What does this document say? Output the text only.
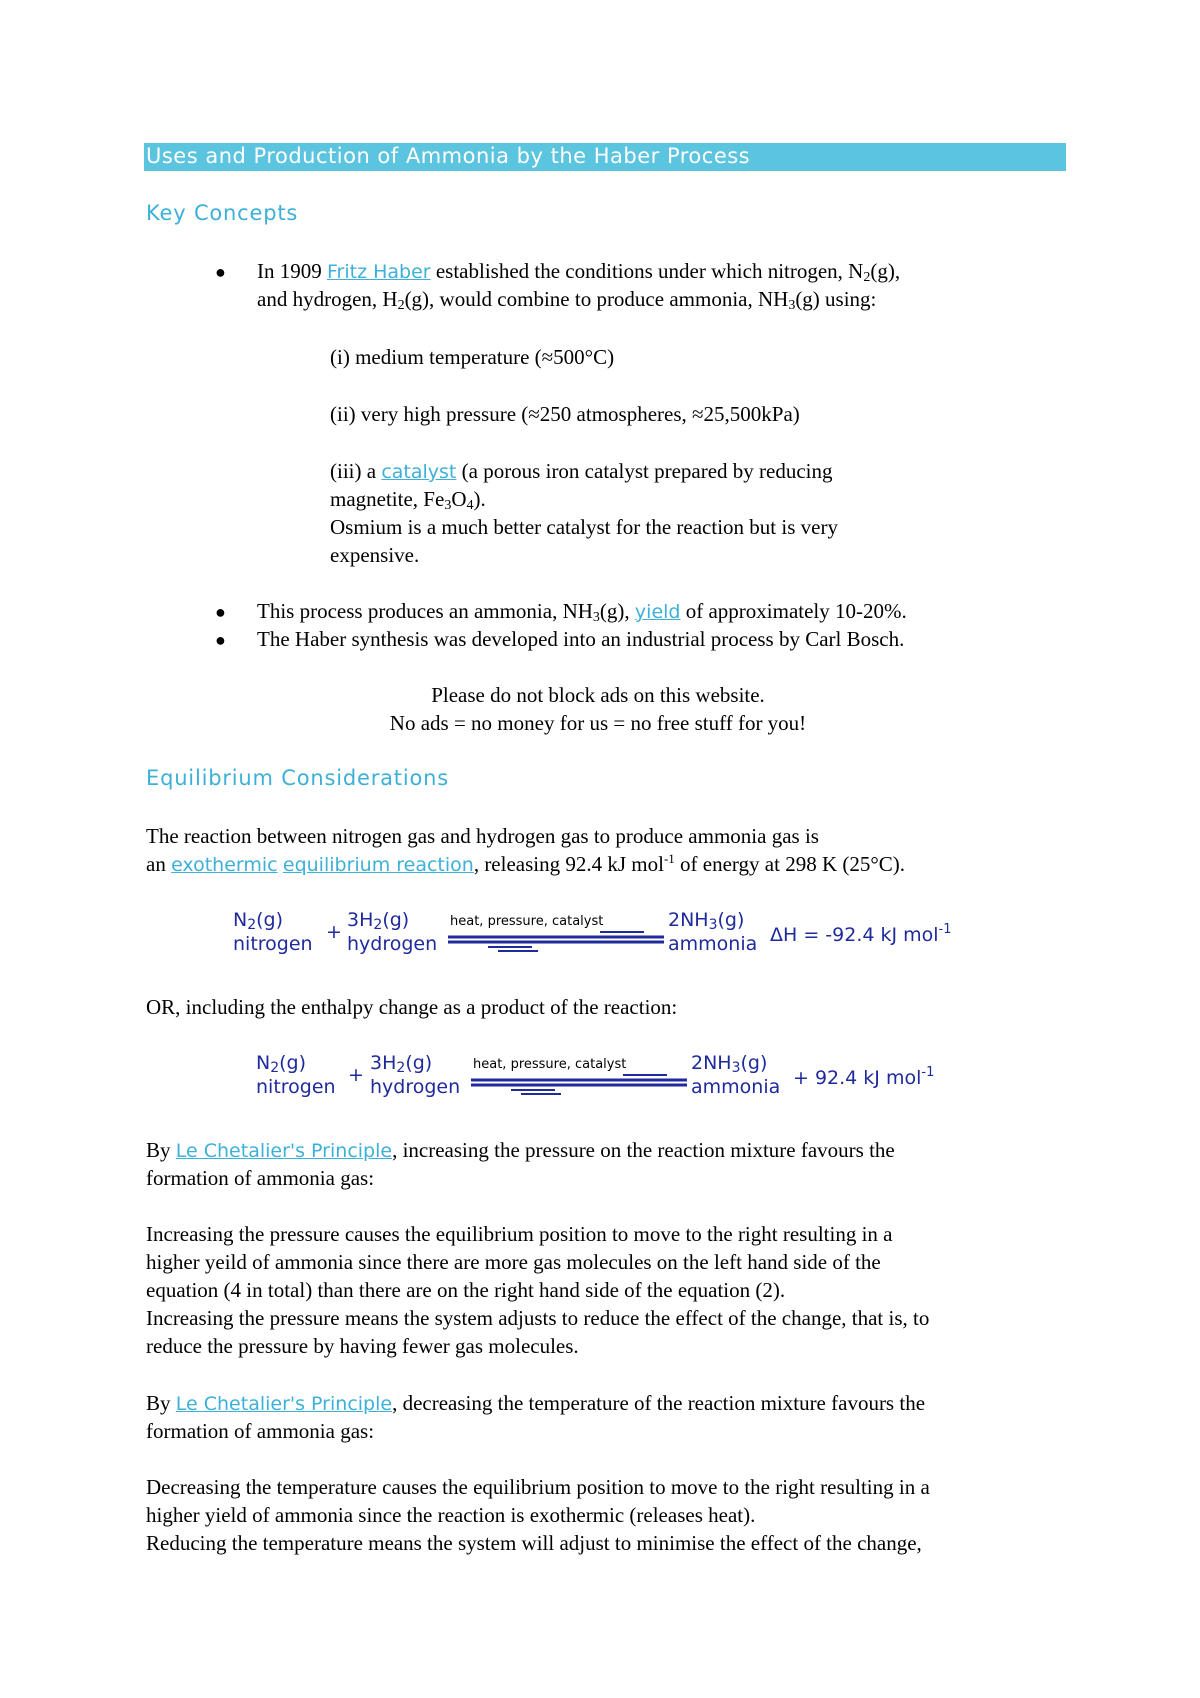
Uses and Production of Ammonia by the Haber Process
Key Concepts
● In 1909 Fritz Haber established the conditions under which nitrogen, $N_2(g)$,
and hydrogen, $H_2(g)$, would combine to produce ammonia, $NH_3(g)$ using:
(i) medium temperature (≈500°C)
(ii) very high pressure (≈250 atmospheres, ≈25,500kPa)
(iii) a catalyst (a porous iron catalyst prepared by reducing
magnetite, $Fe_3O_4$).
Osmium is a much better catalyst for the reaction but is very
expensive.
● This process produces an ammonia, $NH_3(g)$, yield of approximately 10-20%.
● The Haber synthesis was developed into an industrial process by Carl Bosch.
Please do not block ads on this website.
No ads = no money for us = no free stuff for you!
Equilibrium Considerations
The reaction between nitrogen gas and hydrogen gas to produce ammonia gas is
an exothermic equilibrium reaction, releasing 92.4 kJ mol$^{-1}$ of energy at 298 K (25°C).
$N_2(g)$
nitrogen
+
$3H_2(g)$
hydrogen
heat, pressure, catalyst	$2NH_3(g)$
ammonia ΔH = -92.4 kJ mol$^{-1}$
OR, including the enthalpy change as a product of the reaction:
$N_2(g)$
nitrogen
+
$3H_2(g)$
hydrogen
heat, pressure, catalyst	$2NH_3(g)$
ammonia + 92.4 kJ mol$^{-1}$
By Le Chetalier's Principle, increasing the pressure on the reaction mixture favours the
formation of ammonia gas:
Increasing the pressure causes the equilibrium position to move to the right resulting in a
higher yeild of ammonia since there are more gas molecules on the left hand side of the
equation (4 in total) than there are on the right hand side of the equation (2).
Increasing the pressure means the system adjusts to reduce the effect of the change, that is, to
reduce the pressure by having fewer gas molecules.
By Le Chetalier's Principle, decreasing the temperature of the reaction mixture favours the
formation of ammonia gas:
Decreasing the temperature causes the equilibrium position to move to the right resulting in a
higher yield of ammonia since the reaction is exothermic (releases heat).
Reducing the temperature means the system will adjust to minimise the effect of the change,
